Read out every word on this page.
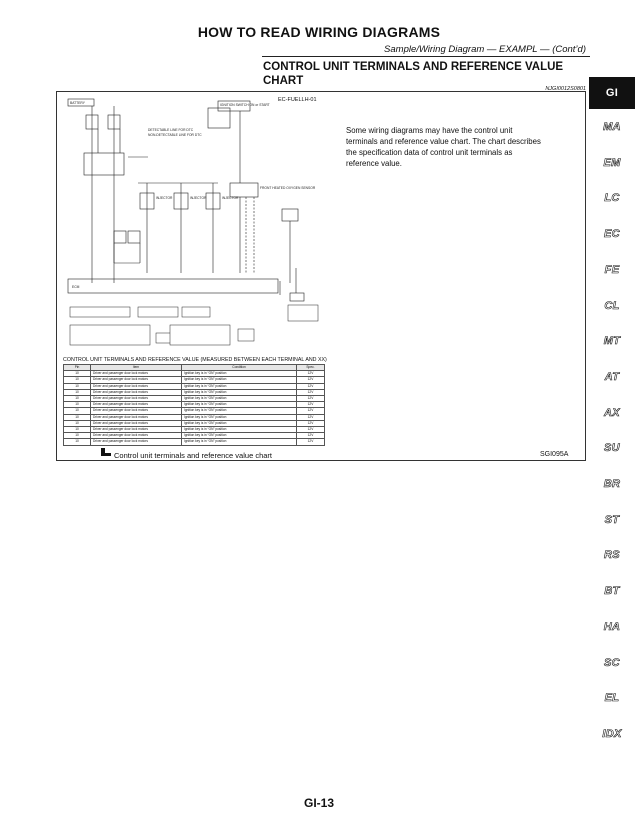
HOW TO READ WIRING DIAGRAMS
Sample/Wiring Diagram — EXAMPL — (Cont’d)
CONTROL UNIT TERMINALS AND REFERENCE VALUE CHART
NJGI0012S0801
BATTERY	IGNITION SWITCH ON or START
DETECTABLE LINE FOR DTC
NON-DETECTABLE LINE FOR DTC
INJECTOR	INJECTOR	INJECTOR
FRONT HEATED OXYGEN SENSOR
ECM
EC-FUELLH-01
Some wiring diagrams may have the control unit terminals and reference value chart. The chart describes the specification data of control unit terminals as reference value.
CONTROL UNIT TERMINALS AND REFERENCE VALUE (MEASURED BETWEEN EACH TERMINAL AND XX)
Pin	Item	Condition	Spec.
10	Driver and passenger door lock motors	Ignition key is in “ON” position	12V
10	Driver and passenger door lock motors	Ignition key is in “ON” position	12V
10	Driver and passenger door lock motors	Ignition key is in “ON” position	12V
10	Driver and passenger door lock motors	Ignition key is in “ON” position	12V
10	Driver and passenger door lock motors	Ignition key is in “ON” position	12V
10	Driver and passenger door lock motors	Ignition key is in “ON” position	12V
10	Driver and passenger door lock motors	Ignition key is in “ON” position	12V
10	Driver and passenger door lock motors	Ignition key is in “ON” position	12V
10	Driver and passenger door lock motors	Ignition key is in “ON” position	12V
10	Driver and passenger door lock motors	Ignition key is in “ON” position	12V
10	Driver and passenger door lock motors	Ignition key is in “ON” position	12V
10	Driver and passenger door lock motors	Ignition key is in “ON” position	12V
Control unit terminals and reference value chart	SGI095A
GI
MA
EM
LC
EC
FE
CL
MT
AT
AX
SU
BR
ST
RS
BT
HA
SC
EL
IDX
GI-13
